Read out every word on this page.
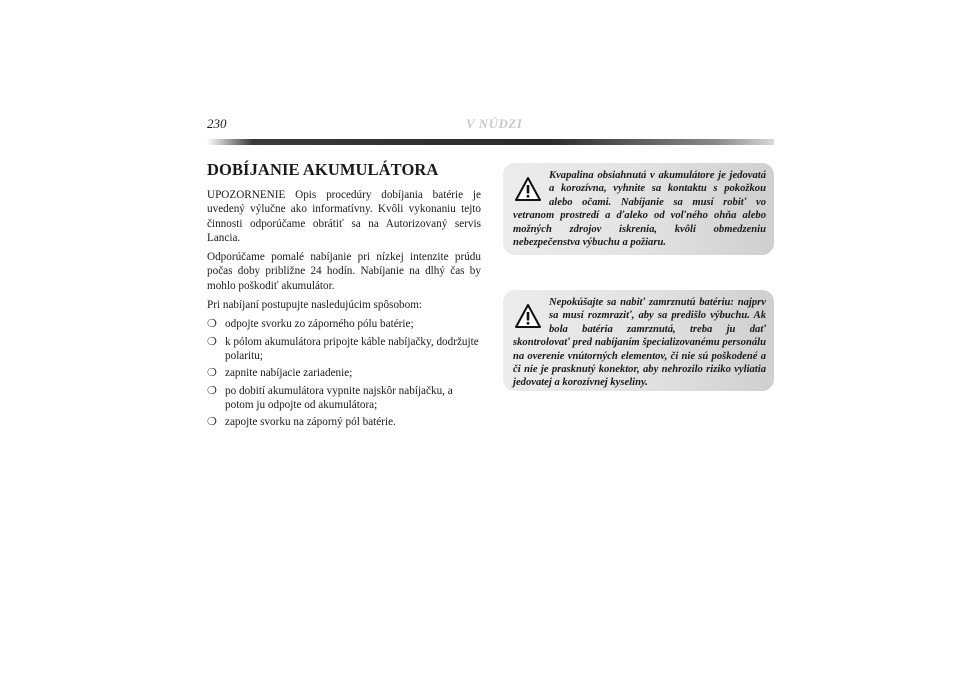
230	V NÚDZI
DOBÍJANIE AKUMULÁTORA

UPOZORNENIE Opis procedúry dobíjania batérie je uvedený výlučne ako informatívny. Kvôli vykonaniu tejto činnosti odporúčame obrátiť sa na Autorizovaný servis Lancia.

Odporúčame pomalé nabíjanie pri nízkej intenzite prúdu počas doby približne 24 hodín. Nabíjanie na dlhý čas by mohlo poškodiť akumulátor.

Pri nabíjaní postupujte nasledujúcim spôsobom:

❍ odpojte svorku zo záporného pólu batérie;
❍ k pólom akumulátora pripojte káble nabíjačky, dodržujte polaritu;
❍ zapnite nabíjacie zariadenie;
❍ po dobití akumulátora vypnite najskôr nabíjačku, a potom ju odpojte od akumulátora;
❍ zapojte svorku na záporný pól batérie.

Kvapalina obsiahnutá v akumulátore je jedovatá a korozívna, vyhnite sa kontaktu s pokožkou alebo očami. Nabíjanie sa musí robiť vo vetranom prostredí a ďaleko od voľného ohňa alebo možných zdrojov iskrenia, kvôli obmedzeniu nebezpečenstva výbuchu a požiaru.

Nepokúšajte sa nabiť zamrznutú batériu: najprv sa musí rozmraziť, aby sa predišlo výbuchu. Ak bola batéria zamrznutá, treba ju dať skontrolovať pred nabíjaním špecializovanému personálu na overenie vnútorných elementov, či nie sú poškodené a či nie je prasknutý konektor, aby nehrozilo riziko vyliatia jedovatej a korozívnej kyseliny.
